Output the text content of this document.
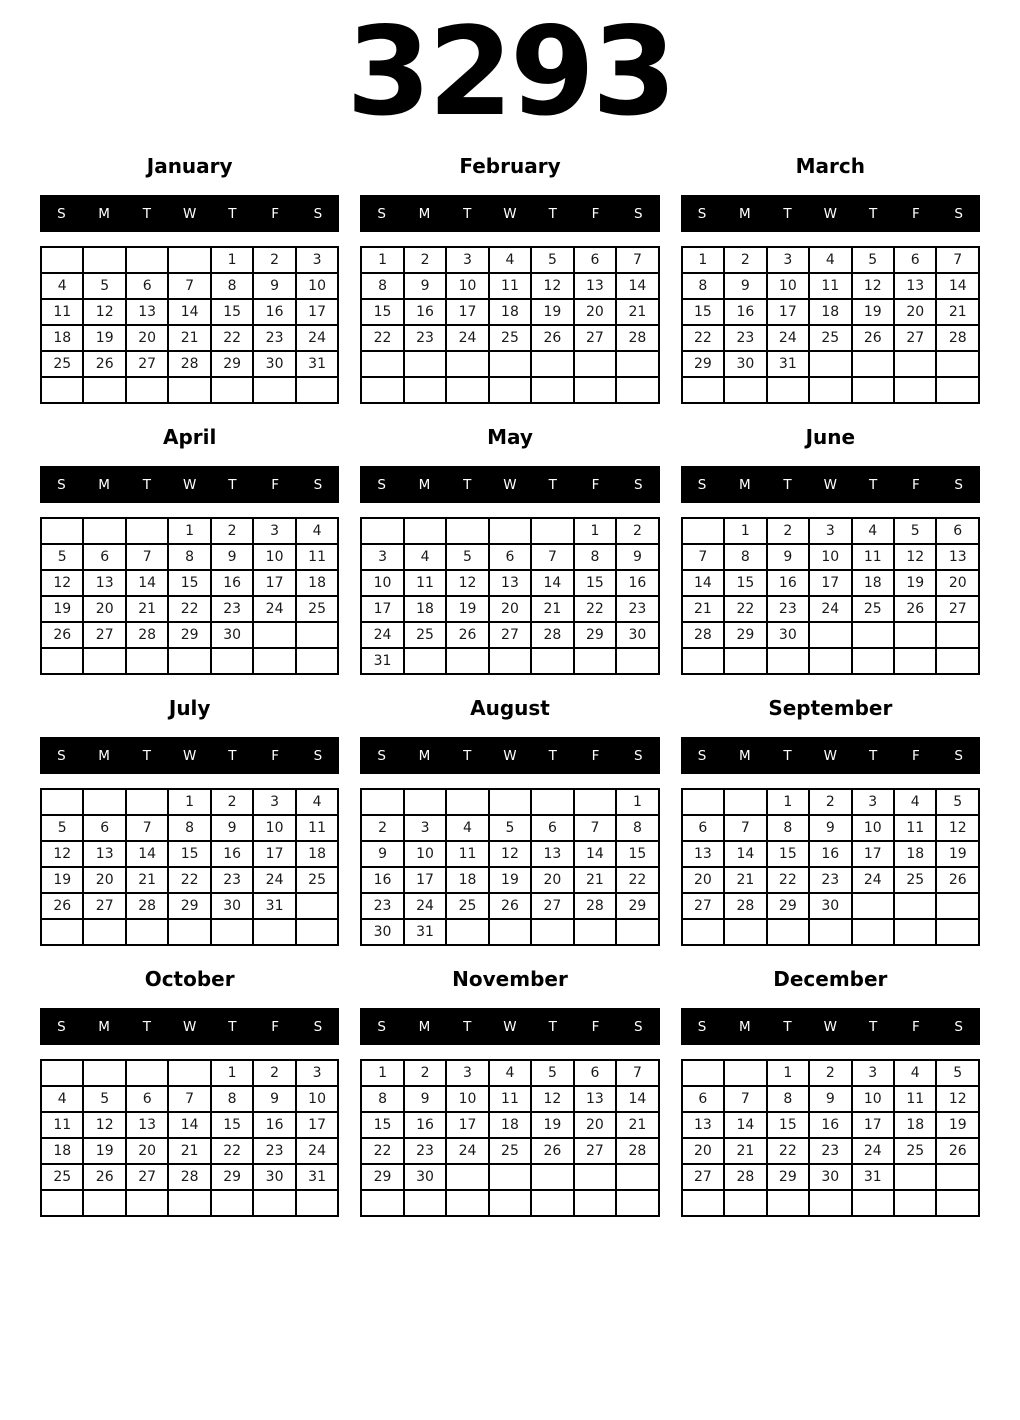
3293
January
S	M	T	W	T	F	S
				1	2	3
4	5	6	7	8	9	10
11	12	13	14	15	16	17
18	19	20	21	22	23	24
25	26	27	28	29	30	31

February
S	M	T	W	T	F	S
1	2	3	4	5	6	7
8	9	10	11	12	13	14
15	16	17	18	19	20	21
22	23	24	25	26	27	28

March
S	M	T	W	T	F	S
1	2	3	4	5	6	7
8	9	10	11	12	13	14
15	16	17	18	19	20	21
22	23	24	25	26	27	28
29	30	31				

April
S	M	T	W	T	F	S
			1	2	3	4
5	6	7	8	9	10	11
12	13	14	15	16	17	18
19	20	21	22	23	24	25
26	27	28	29	30		

May
S	M	T	W	T	F	S
					1	2
3	4	5	6	7	8	9
10	11	12	13	14	15	16
17	18	19	20	21	22	23
24	25	26	27	28	29	30
31						
June
S	M	T	W	T	F	S
	1	2	3	4	5	6
7	8	9	10	11	12	13
14	15	16	17	18	19	20
21	22	23	24	25	26	27
28	29	30				

July
S	M	T	W	T	F	S
			1	2	3	4
5	6	7	8	9	10	11
12	13	14	15	16	17	18
19	20	21	22	23	24	25
26	27	28	29	30	31	

August
S	M	T	W	T	F	S
						1
2	3	4	5	6	7	8
9	10	11	12	13	14	15
16	17	18	19	20	21	22
23	24	25	26	27	28	29
30	31					
September
S	M	T	W	T	F	S
		1	2	3	4	5
6	7	8	9	10	11	12
13	14	15	16	17	18	19
20	21	22	23	24	25	26
27	28	29	30			

October
S	M	T	W	T	F	S
				1	2	3
4	5	6	7	8	9	10
11	12	13	14	15	16	17
18	19	20	21	22	23	24
25	26	27	28	29	30	31

November
S	M	T	W	T	F	S
1	2	3	4	5	6	7
8	9	10	11	12	13	14
15	16	17	18	19	20	21
22	23	24	25	26	27	28
29	30					

December
S	M	T	W	T	F	S
		1	2	3	4	5
6	7	8	9	10	11	12
13	14	15	16	17	18	19
20	21	22	23	24	25	26
27	28	29	30	31		
